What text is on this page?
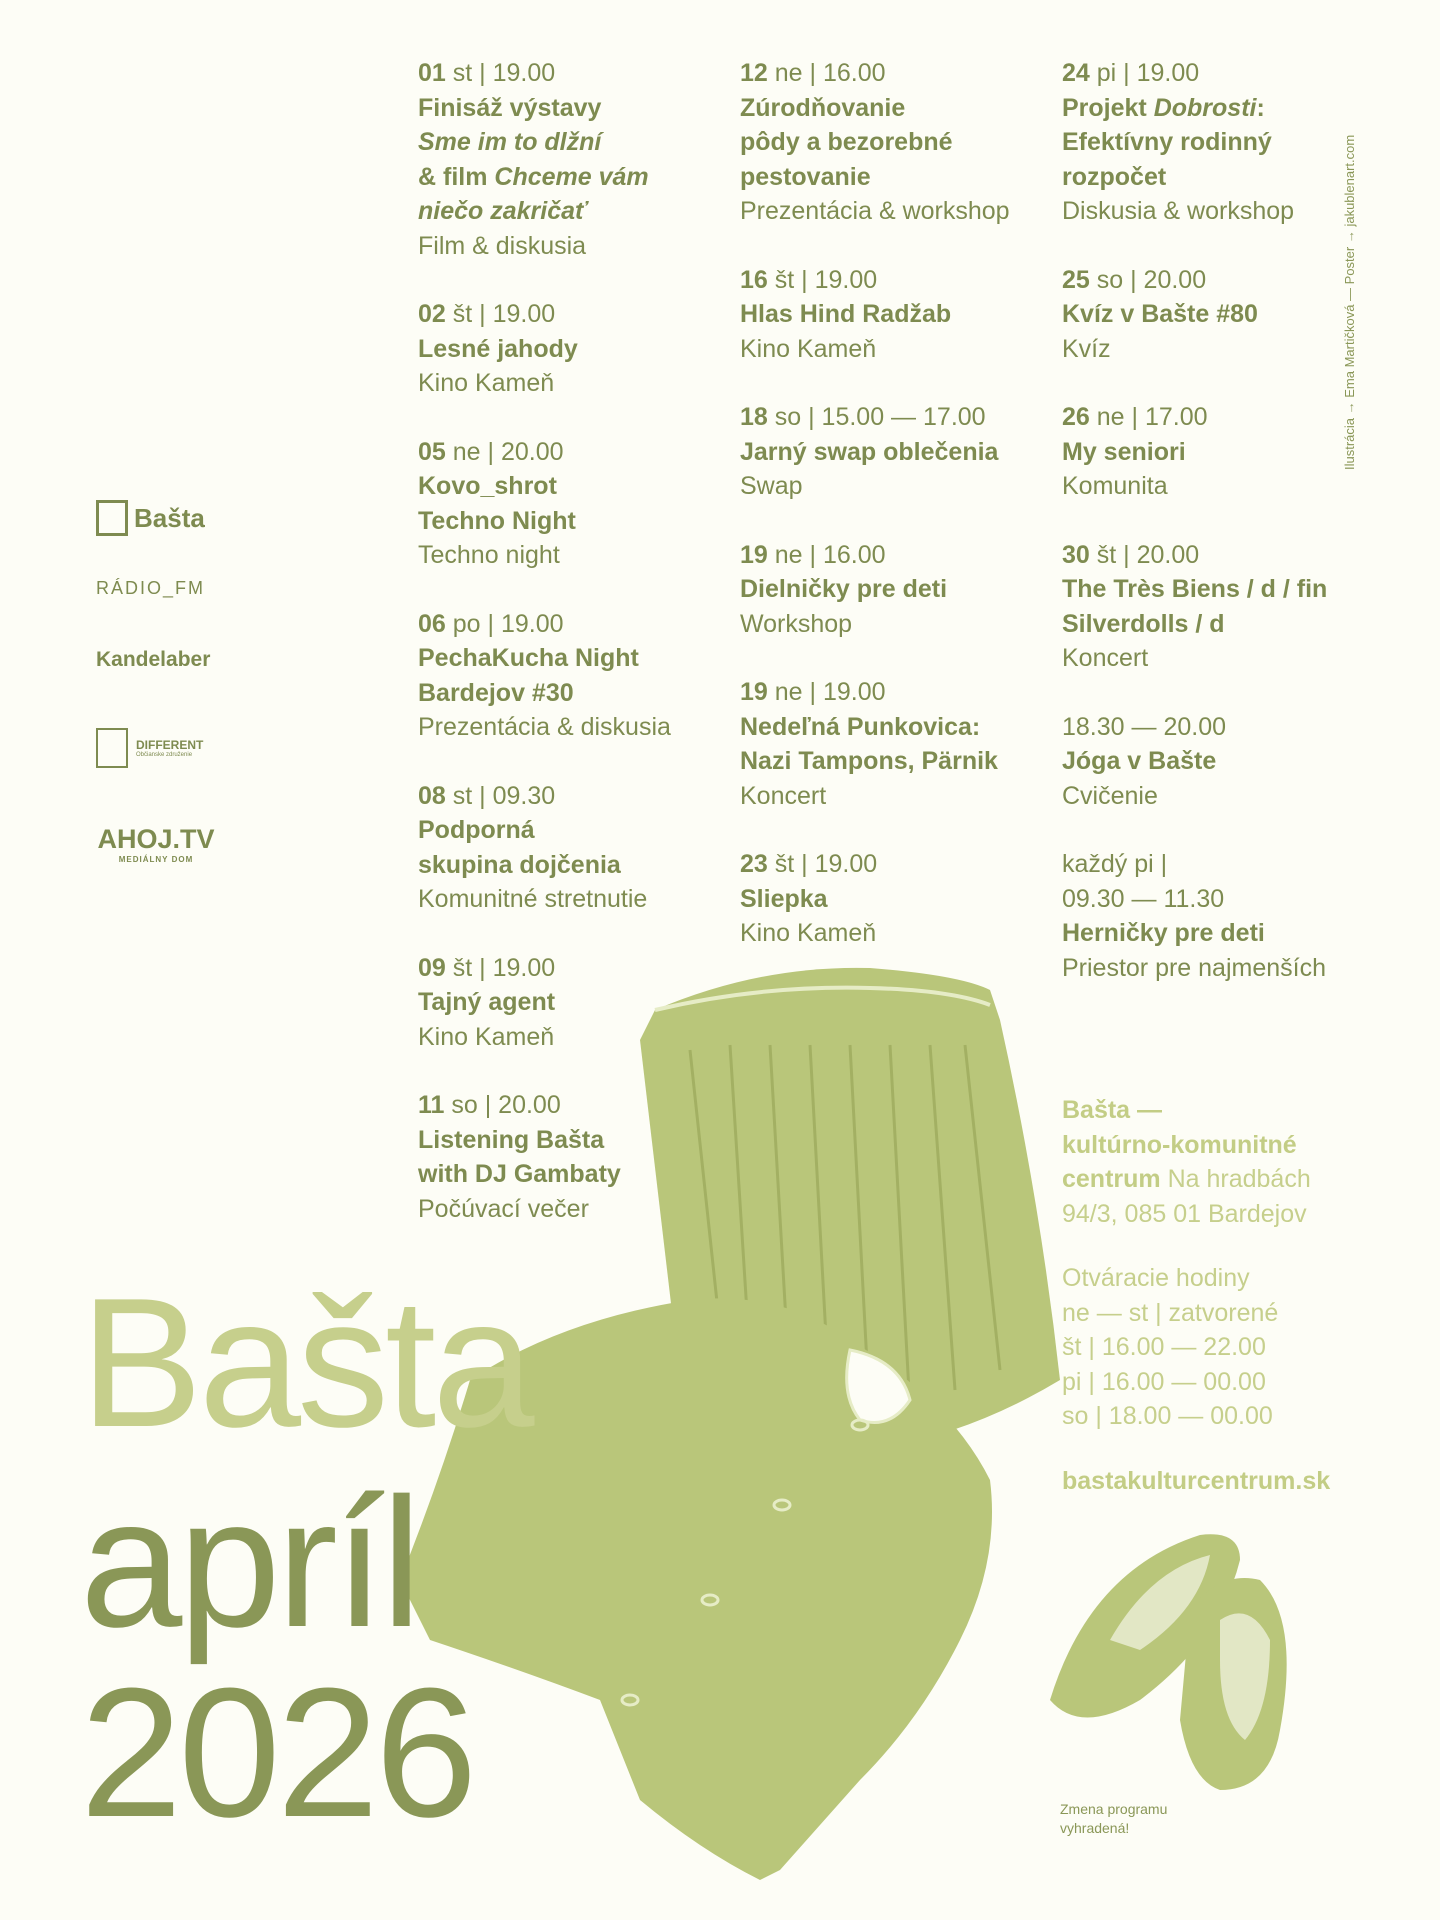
Bašta
apríl
2026
Bašta
RÁDIO_FM
Kandelaber
DIFFERENT
Občianske združenie
AHOJ.TV
MEDIÁLNY DOM
01 st | 19.00
Finisáž výstavy
Sme im to dlžní
& film Chceme vám
niečo zakričať
Film & diskusia
02 št | 19.00
Lesné jahody
Kino Kameň
05 ne | 20.00
Kovo_shrot
Techno Night
Techno night
06 po | 19.00
PechaKucha Night
Bardejov #30
Prezentácia & diskusia
08 st | 09.30
Podporná
skupina dojčenia
Komunitné stretnutie
09 št | 19.00
Tajný agent
Kino Kameň
11 so | 20.00
Listening Bašta
with DJ Gambaty
Počúvací večer
12 ne | 16.00
Zúrodňovanie
pôdy a bezorebné
pestovanie
Prezentácia & workshop
16 št | 19.00
Hlas Hind Radžab
Kino Kameň
18 so | 15.00 — 17.00
Jarný swap oblečenia
Swap
19 ne | 16.00
Dielničky pre deti
Workshop
19 ne | 19.00
Nedeľná Punkovica:
Nazi Tampons, Pärnik
Koncert
23 št | 19.00
Sliepka
Kino Kameň
24 pi | 19.00
Projekt Dobrosti:
Efektívny rodinný
rozpočet
Diskusia & workshop
25 so | 20.00
Kvíz v Bašte #80
Kvíz
26 ne | 17.00
My seniori
Komunita
30 št | 20.00
The Très Biens / d / fin
Silverdolls / d
Koncert
18.30 — 20.00
Jóga v Bašte
Cvičenie
každý pi |
09.30 — 11.30
Herničky pre deti
Priestor pre najmenších
Bašta —
kultúrno-komunitné
centrum Na hradbách
94/3, 085 01 Bardejov
Otváracie hodiny
ne — st | zatvorené
št | 16.00 — 22.00
pi | 16.00 — 00.00
so | 18.00 — 00.00
bastakulturcentrum.sk
Ilustrácia → Ema Martičková — Poster → jakublenart.com
Zmena programu
vyhradená!
